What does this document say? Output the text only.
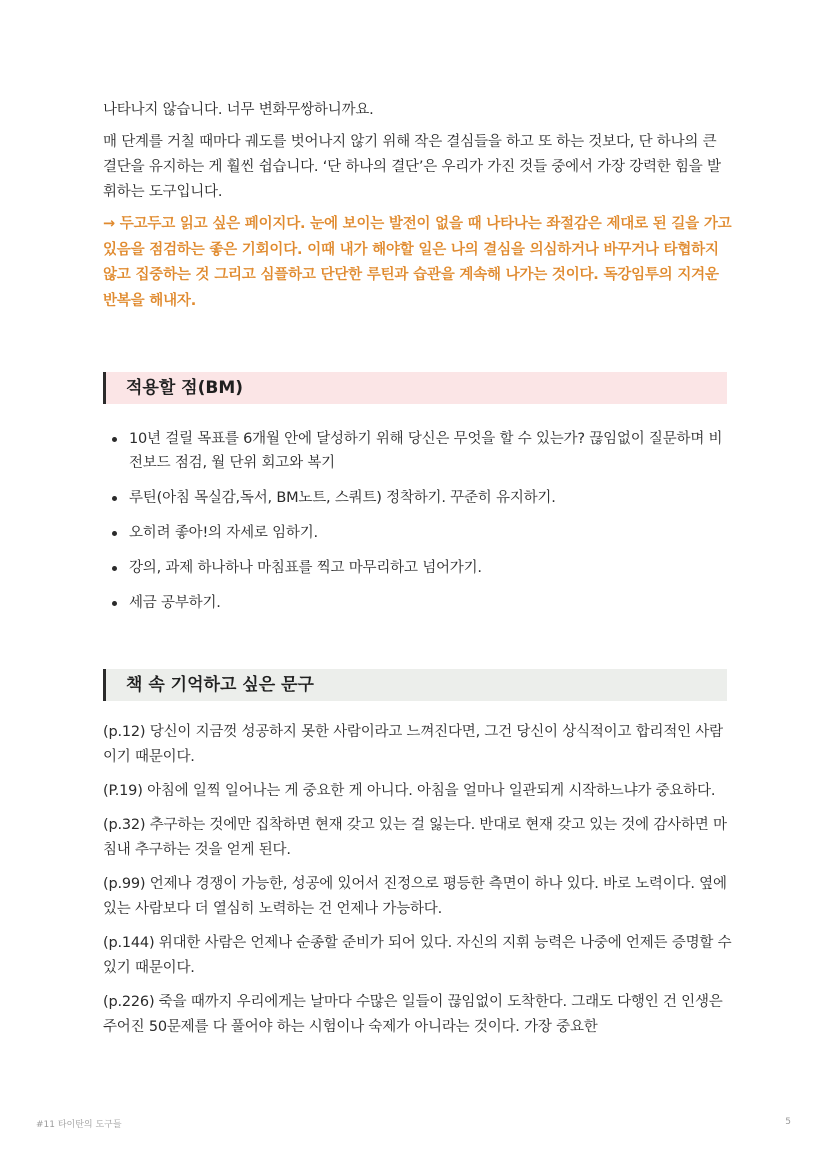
나타나지 않습니다. 너무 변화무쌍하니까요.

매 단계를 거칠 때마다 궤도를 벗어나지 않기 위해 작은 결심들을 하고 또 하는 것보다, 단 하나의 큰 결단을 유지하는 게 훨씬 쉽습니다. ‘단 하나의 결단’은 우리가 가진 것들 중에서 가장 강력한 힘을 발휘하는 도구입니다.

→ 두고두고 읽고 싶은 페이지다. 눈에 보이는 발전이 없을 때 나타나는 좌절감은 제대로 된 길을 가고 있음을 점검하는 좋은 기회이다. 이때 내가 해야할 일은 나의 결심을 의심하거나 바꾸거나 타협하지 않고 집중하는 것 그리고 심플하고 단단한 루틴과 습관을 계속해 나가는 것이다. 독강임투의 지겨운 반복을 해내자.

적용할 점(BM)
10년 걸릴 목표를 6개월 안에 달성하기 위해 당신은 무엇을 할 수 있는가? 끊임없이 질문하며 비전보드 점검, 월 단위 회고와 복기
루틴(아침 목실감,독서, BM노트, 스쿼트) 정착하기. 꾸준히 유지하기.
오히려 좋아!의 자세로 임하기.
강의, 과제 하나하나 마침표를 찍고 마무리하고 넘어가기.
세금 공부하기.
책 속 기억하고 싶은 문구

(p.12) 당신이 지금껏 성공하지 못한 사람이라고 느껴진다면, 그건 당신이 상식적이고 합리적인 사람이기 때문이다.

(P.19) 아침에 일찍 일어나는 게 중요한 게 아니다. 아침을 얼마나 일관되게 시작하느냐가 중요하다.

(p.32) 추구하는 것에만 집착하면 현재 갖고 있는 걸 잃는다. 반대로 현재 갖고 있는 것에 감사하면 마침내 추구하는 것을 얻게 된다.

(p.99) 언제나 경쟁이 가능한, 성공에 있어서 진정으로 평등한 측면이 하나 있다. 바로 노력이다. 옆에 있는 사람보다 더 열심히 노력하는 건 언제나 가능하다.

(p.144) 위대한 사람은 언제나 순종할 준비가 되어 있다. 자신의 지휘 능력은 나중에 언제든 증명할 수 있기 때문이다.

(p.226) 죽을 때까지 우리에게는 날마다 수많은 일들이 끊임없이 도착한다. 그래도 다행인 건 인생은 주어진 50문제를 다 풀어야 하는 시험이나 숙제가 아니라는 것이다. 가장 중요한

#11 타이탄의 도구들	5
